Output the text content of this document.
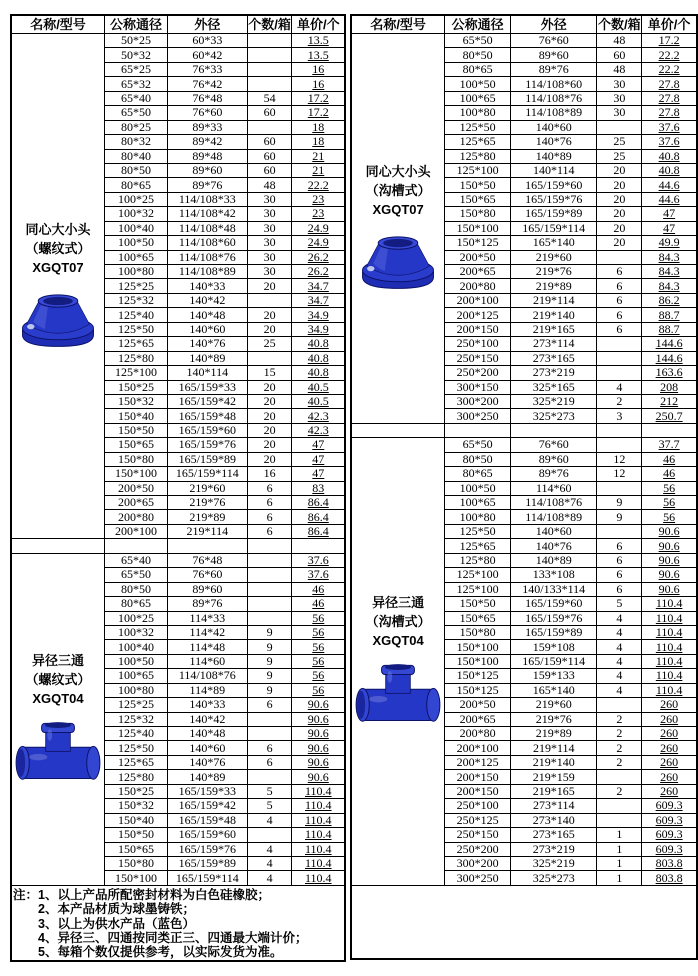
名称/型号	公称通径	外径	个数/箱	单价/个

同心大小头
（螺纹式）
XGQT07	50*25	60*33		13.5
	50*32	60*42		13.5
	65*25	76*33		16
	65*32	76*42		16
	65*40	76*48	54	17.2
	65*50	76*60	60	17.2
	80*25	89*33		18
	80*32	89*42	60	18
	80*40	89*48	60	21
	80*50	89*60	60	21
	80*65	89*76	48	22.2
	100*25	114/108*33	30	23
	100*32	114/108*42	30	23
	100*40	114/108*48	30	24.9
	100*50	114/108*60	30	24.9
	100*65	114/108*76	30	26.2
	100*80	114/108*89	30	26.2
	125*25	140*33	20	34.7
	125*32	140*42		34.7
	125*40	140*48	20	34.9
	125*50	140*60	20	34.9
	125*65	140*76	25	40.8
	125*80	140*89		40.8
	125*100	140*114	15	40.8
	150*25	165/159*33	20	40.5
	150*32	165/159*42	20	40.5
	150*40	165/159*48	20	42.3
	150*50	165/159*60	20	42.3
	150*65	165/159*76	20	47
	150*80	165/159*89	20	47
	150*100	165/159*114	16	47
	200*50	219*60	6	83
	200*65	219*76	6	86.4
	200*80	219*89	6	86.4
	200*100	219*114	6	86.4

异径三通
（螺纹式）
XGQT04	65*40	76*48		37.6
	65*50	76*60		37.6
	80*50	89*60		46
	80*65	89*76		46
	100*25	114*33		56
	100*32	114*42	9	56
	100*40	114*48	9	56
	100*50	114*60	9	56
	100*65	114/108*76	9	56
	100*80	114*89	9	56
	125*25	140*33	6	90.6
	125*32	140*42		90.6
	125*40	140*48		90.6
	125*50	140*60	6	90.6
	125*65	140*76	6	90.6
	125*80	140*89		90.6
	150*25	165/159*33	5	110.4
	150*32	165/159*42	5	110.4
	150*40	165/159*48	4	110.4
	150*50	165/159*60		110.4
	150*65	165/159*76	4	110.4
	150*80	165/159*89	4	110.4
	150*100	165/159*114	4	110.4

注：1、以上产品所配密封材料为白色硅橡胶；
2、本产品材质为球墨铸铁；
3、以上为供水产品（蓝色）
4、异径三、四通按同类正三、四通最大端计价；
5、每箱个数仅提供参考，以实际发货为准。				
名称/型号	公称通径	外径	个数/箱	单价/个

同心大小头
（沟槽式）
XGQT07	65*50	76*60	48	17.2
	80*50	89*60	60	22.2
	80*65	89*76	48	22.2
	100*50	114/108*60	30	27.8
	100*65	114/108*76	30	27.8
	100*80	114/108*89	30	27.8
	125*50	140*60		37.6
	125*65	140*76	25	37.6
	125*80	140*89	25	40.8
	125*100	140*114	20	40.8
	150*50	165/159*60	20	44.6
	150*65	165/159*76	20	44.6
	150*80	165/159*89	20	47
	150*100	165/159*114	20	47
	150*125	165*140	20	49.9
	200*50	219*60		84.3
	200*65	219*76	6	84.3
	200*80	219*89	6	84.3
	200*100	219*114	6	86.2
	200*125	219*140	6	88.7
	200*150	219*165	6	88.7
	250*100	273*114		144.6
	250*150	273*165		144.6
	250*200	273*219		163.6
	300*150	325*165	4	208
	300*200	325*219	2	212
	300*250	325*273	3	250.7

异径三通
（沟槽式）
XGQT04	65*50	76*60		37.7
	80*50	89*60	12	46
	80*65	89*76	12	46
	100*50	114*60		56
	100*65	114/108*76	9	56
	100*80	114/108*89	9	56
	125*50	140*60		90.6
	125*65	140*76	6	90.6
	125*80	140*89	6	90.6
	125*100	133*108	6	90.6
	125*100	140/133*114	6	90.6
	150*50	165/159*60	5	110.4
	150*65	165/159*76	4	110.4
	150*80	165/159*89	4	110.4
	150*100	159*108	4	110.4
	150*100	165/159*114	4	110.4
	150*125	159*133	4	110.4
	150*125	165*140	4	110.4
	200*50	219*60		260
	200*65	219*76	2	260
	200*80	219*89	2	260
	200*100	219*114	2	260
	200*125	219*140	2	260
	200*150	219*159		260
	200*150	219*165	2	260
	250*100	273*114		609.3
	250*125	273*140		609.3
	250*150	273*165	1	609.3
	250*200	273*219	1	609.3
	300*200	325*219	1	803.8
	300*250	325*273	1	803.8
